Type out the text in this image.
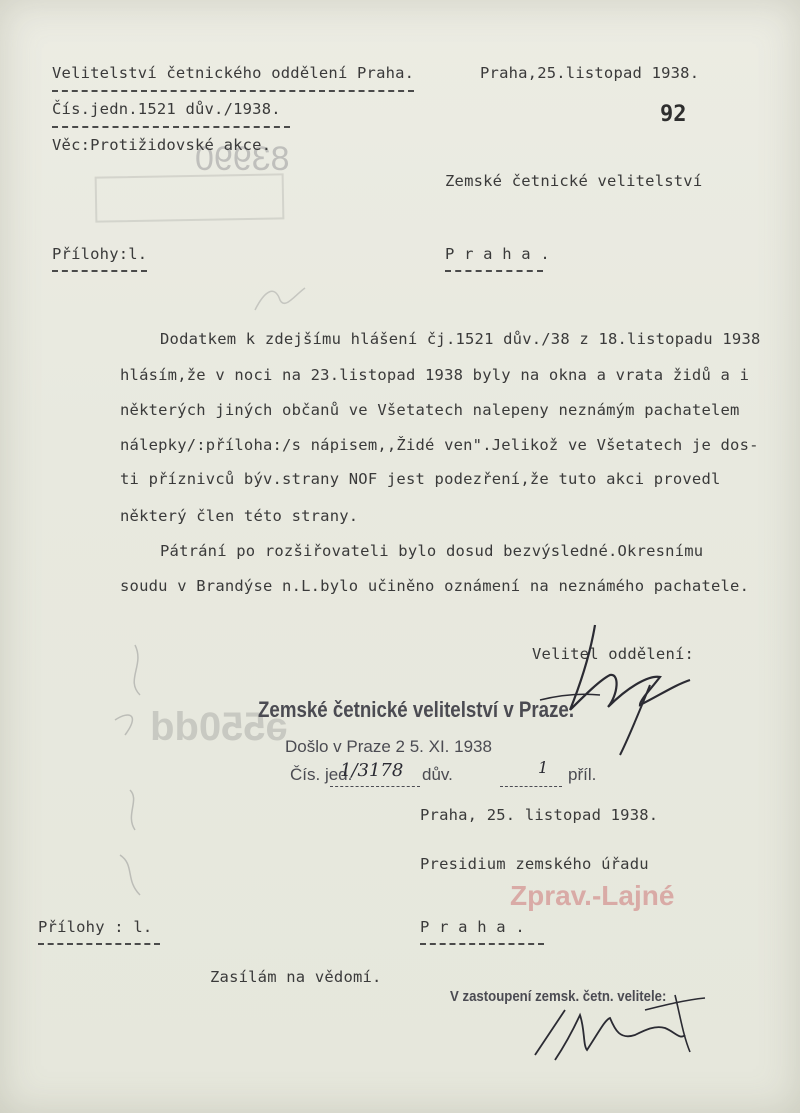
83990
ǝ550dd
Velitelství četnického oddělení Praha.
Čís.jedn.1521 dův./1938.
Věc:Protižidovské akce.
Praha,25.listopad 1938.
92
Zemské četnické velitelství
Přílohy:l.	P r a h a .
Dodatkem k zdejšímu hlášení čj.1521 dův./38 z 18.listopadu 1938
hlásím,že v noci na 23.listopad 1938 byly na okna a vrata židů a i
některých jiných občanů ve Všetatech nalepeny neznámým pachatelem
nálepky/:příloha:/s nápisem,,Židé ven".Jelikož ve Všetatech je dos-
ti příznivců býv.strany NOF jest podezření,že tuto akci provedl
některý člen této strany.
Pátrání po rozšiřovateli bylo dosud bezvýsledné.Okresnímu
soudu v Brandýse n.L.bylo učiněno oznámení na neznámého pachatele.
Velitel oddělení:
Zemské četnické velitelství v Praze.
Došlo v Praze 2 5. XI. 1938
Čís. jed.
1/3178 dův.	1 příl.
Praha, 25. listopad 1938.
Presidium zemského úřadu
Zprav.-Lajné
Přílohy : l.	P r a h a .
Zasílám na vědomí.
V zastoupení zemsk. četn. velitele:
